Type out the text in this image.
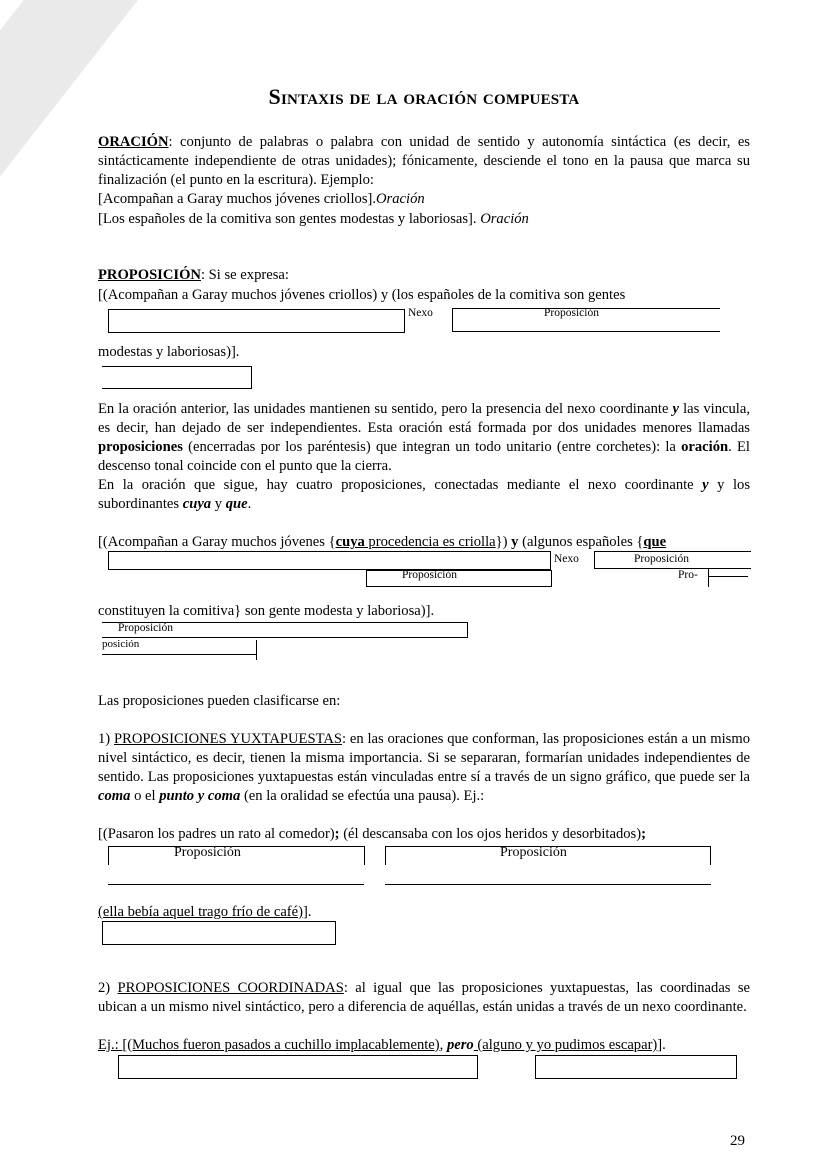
Sintaxis de la oración compuesta
ORACIÓN: conjunto de palabras o palabra con unidad de sentido y autonomía sintáctica (es decir, es sintácticamente independiente de otras unidades); fónicamente, desciende el tono en la pausa que marca su finalización (el punto en la escritura). Ejemplo:
[Acompañan a Garay muchos jóvenes criollos].Oración
[Los españoles de la comitiva son gentes modestas y laboriosas]. Oración
PROPOSICIÓN: Si se expresa:
[(Acompañan a Garay muchos jóvenes criollos) y (los españoles de la comitiva son gentes
Nexo	Proposición
modestas y laboriosas)].
En la oración anterior, las unidades mantienen su sentido, pero la presencia del nexo coordinante y las vincula, es decir, han dejado de ser independientes. Esta oración está formada por dos unidades menores llamadas proposiciones (encerradas por los paréntesis) que integran un todo unitario (entre corchetes): la oración. El descenso tonal coincide con el punto que la cierra.
En la oración que sigue, hay cuatro proposiciones, conectadas mediante el nexo coordinante y y los subordinantes cuya y que.
[(Acompañan a Garay muchos jóvenes {cuya procedencia es criolla}) y (algunos españoles {que
Proposición
Nexo	Proposición
Pro-
constituyen la comitiva} son gente modesta y laboriosa)].
Proposición
posición
Las proposiciones pueden clasificarse en:
1) PROPOSICIONES YUXTAPUESTAS: en las oraciones que conforman, las proposiciones están a un mismo nivel sintáctico, es decir, tienen la misma importancia. Si se separaran, formarían unidades independientes de sentido. Las proposiciones yuxtapuestas están vinculadas entre sí a través de un signo gráfico, que puede ser la coma o el punto y coma (en la oralidad se efectúa una pausa). Ej.:
[(Pasaron los padres un rato al comedor); (él descansaba con los ojos heridos y desorbitados);
Proposición	Proposición
(ella bebía aquel trago frío de café)].
2) PROPOSICIONES COORDINADAS: al igual que las proposiciones yuxtapuestas, las coordinadas se ubican a un mismo nivel sintáctico, pero a diferencia de aquéllas, están unidas a través de un nexo coordinante.
Ej.: [(Muchos fueron pasados a cuchillo implacablemente), pero (alguno y yo pudimos escapar)].
29
